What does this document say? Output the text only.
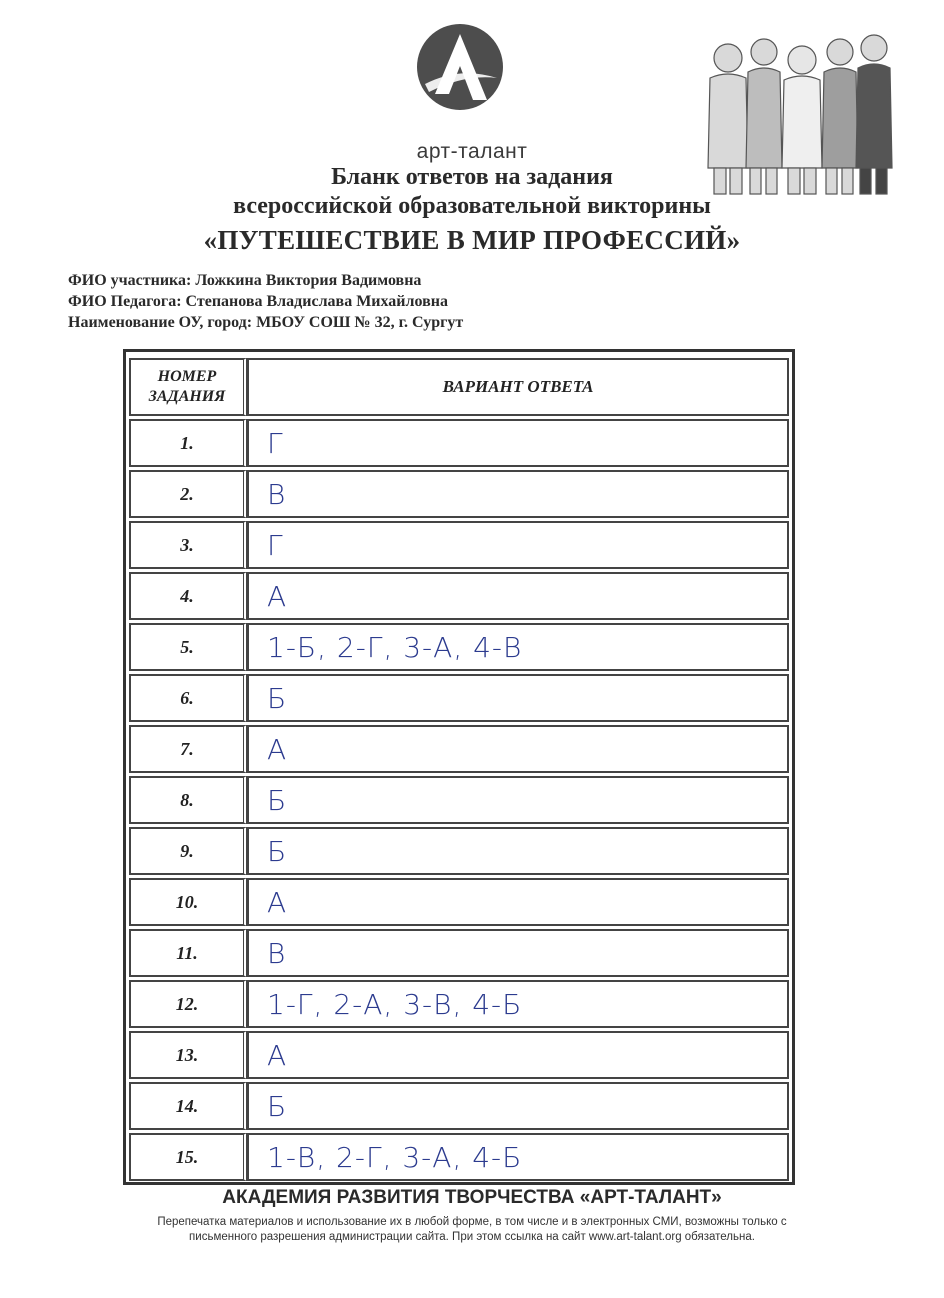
арт-талант
Бланк ответов на задания
всероссийской образовательной викторины
«ПУТЕШЕСТВИЕ В МИР ПРОФЕССИЙ»
ФИО участника: Ложкина Виктория Вадимовна
ФИО Педагога: Степанова Владислава Михайловна
Наименование ОУ, город: МБОУ СОШ № 32, г. Сургут
НОМЕР
ЗАДАНИЯ	ВАРИАНТ ОТВЕТА
1.	Г
2.	В
3.	Г
4.	А
5.	1-Б, 2-Г, 3-А, 4-В
6.	Б
7.	А
8.	Б
9.	Б
10.	А
11.	В
12.	1-Г, 2-А, 3-В, 4-Б
13.	А
14.	Б
15.	1-В, 2-Г, 3-А, 4-Б
АКАДЕМИЯ РАЗВИТИЯ ТВОРЧЕСТВА «АРТ-ТАЛАНТ»
Перепечатка материалов и использование их в любой форме, в том числе и в электронных СМИ, возможны только с
письменного разрешения администрации сайта. При этом ссылка на сайт www.art-talant.org обязательна.
